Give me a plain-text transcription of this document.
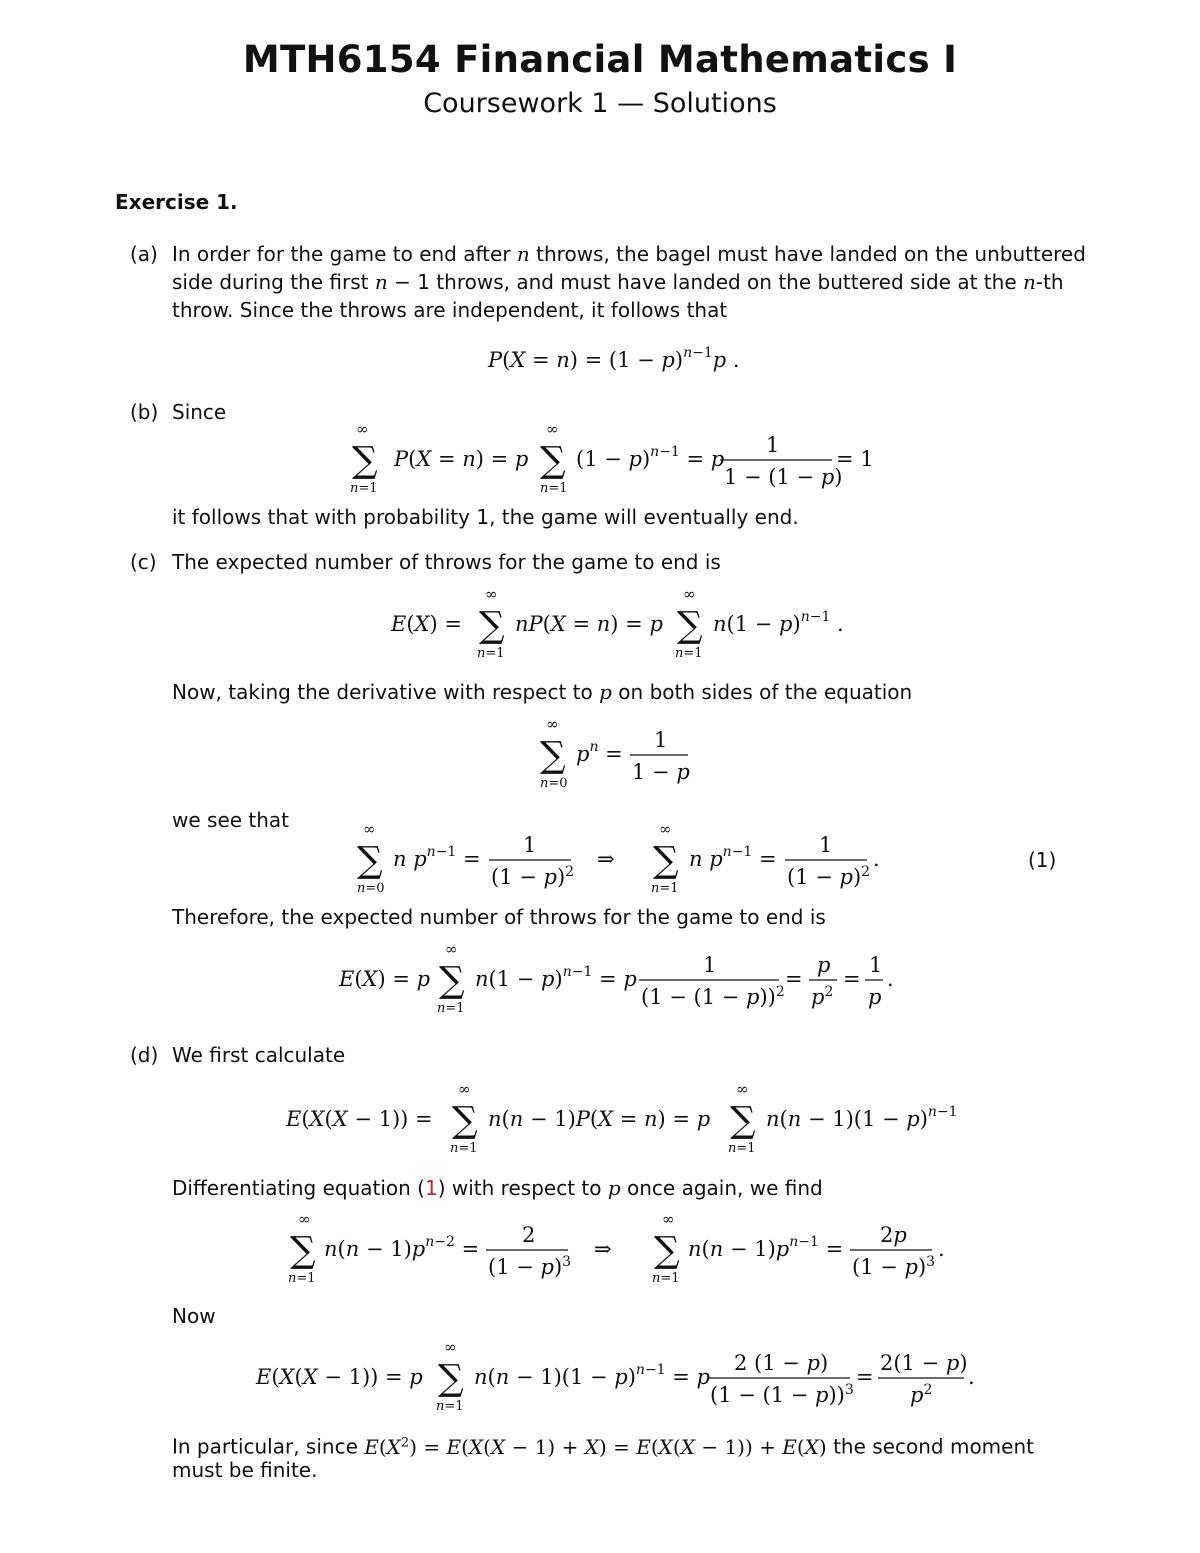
MTH6154 Financial Mathematics I
Coursework 1 — Solutions
Exercise 1.
(a) In order for the game to end after n throws, the bagel must have landed on the unbuttered
side during the first n − 1 throws, and must have landed on the buttered side at the n-th
throw. Since the throws are independent, it follows that
$P(X = n) = (1 - p)^n-1p$ .
(b) Since
∞
∑
n=1
P(X = n) = p
∞
∑
n=1
$(1 - p)^n-1 = p$
1
1 − (1 − p)
= 1
it follows that with probability 1, the game will eventually end.
(c) The expected number of throws for the game to end is
E(X) =
∞
∑
n=1
nP(X = n) = p
∞
∑
n=1
$n(1 - p)^n-1$ .
Now, taking the derivative with respect to p on both sides of the equation
∞
∑
n=0
$p^n$ =
1
1 − p
we see that	∞
∑
n=0
n $p^n-1$ =
1
$(1 - p)^2$
⇒
∞
∑
n=1
n $p^n-1$ =
1
$(1 - p)^2$
.	(1)
Therefore, the expected number of throws for the game to end is
E(X) = p
∞
∑
n=1
$n(1 - p)^n-1 = p$
1
$(1 - (1 - p))^2$
=
p
$p^2$
=
1
p
.
(d) We first calculate
E(X(X − 1)) =
∞
∑
n=1
n(n − 1)P(X = n) = p
∞
∑
n=1
$n(n - 1)(1 - p)^n-1$
Differentiating equation (1) with respect to p once again, we find
∞
∑
n=1
$n(n - 1)p^n-2$ =
2
$(1 - p)^3$
⇒
∞
∑
n=1
$n(n - 1)p^n-1$ =
2p
$(1 - p)^3$
.
Now
E(X(X − 1)) = p
∞
∑
n=1
$n(n - 1)(1 - p)^n-1 = p$
2 (1 − p)
$(1 - (1 - p))^3$
=
2(1 − p)
$p^2$
.
In particular, since $E(X^2) = E(X(X - 1) + X) = E(X(X - 1)) + E(X)$ the second moment
must be finite.
